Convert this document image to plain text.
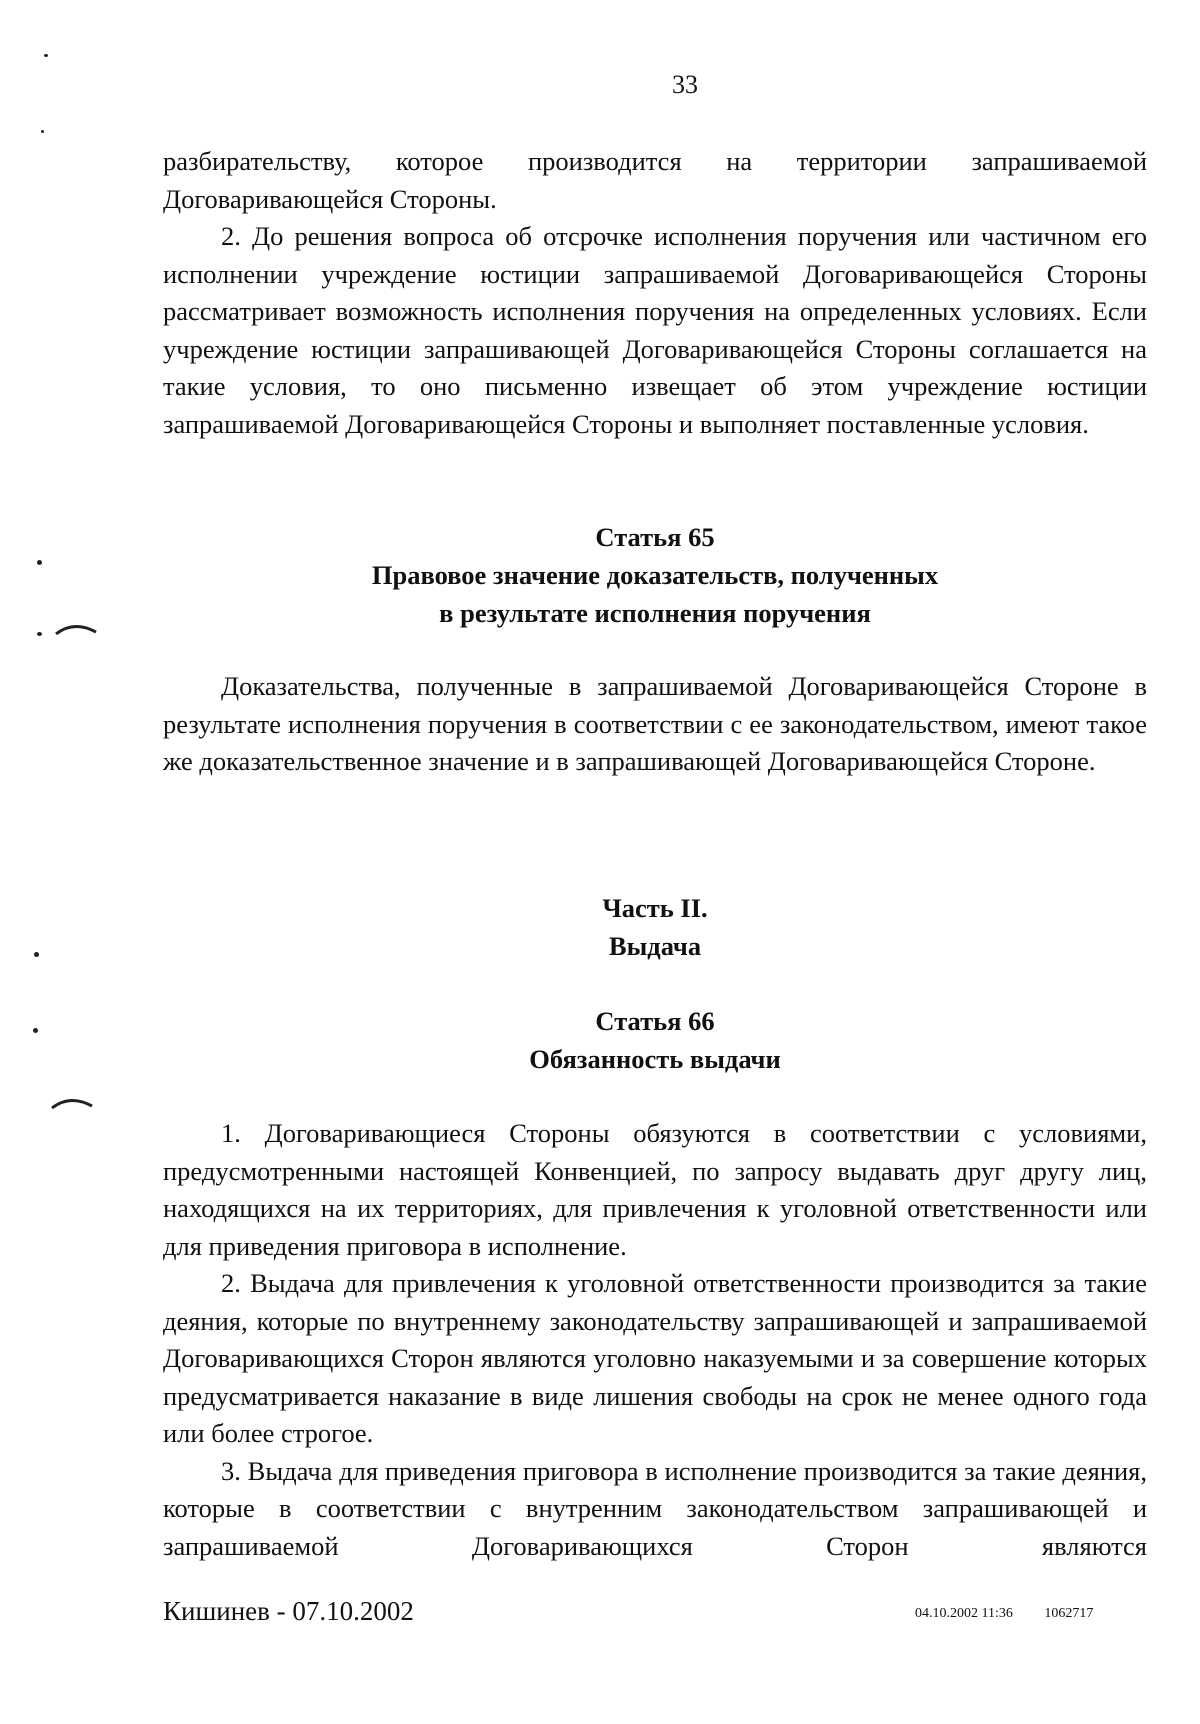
33

разбирательству, которое производится на территории запрашиваемой Договаривающейся Стороны.

2. До решения вопроса об отсрочке исполнения поручения или частичном его исполнении учреждение юстиции запрашиваемой Договаривающейся Стороны рассматривает возможность исполнения поручения на определенных условиях. Если учреждение юстиции запрашивающей Договаривающейся Стороны соглашается на такие условия, то оно письменно извещает об этом учреждение юстиции запрашиваемой Договаривающейся Стороны и выполняет поставленные условия.

Статья 65
Правовое значение доказательств, полученных
в результате исполнения поручения

Доказательства, полученные в запрашиваемой Договаривающейся Стороне в результате исполнения поручения в соответствии с ее законодательством, имеют такое же доказательственное значение и в запрашивающей Договаривающейся Стороне.

Часть II.
Выдача
Статья 66
Обязанность выдачи

1. Договаривающиеся Стороны обязуются в соответствии с условиями, предусмотренными настоящей Конвенцией, по запросу выдавать друг другу лиц, находящихся на их территориях, для привлечения к уголовной ответственности или для приведения приговора в исполнение.

2. Выдача для привлечения к уголовной ответственности производится за такие деяния, которые по внутреннему законодательству запрашивающей и запрашиваемой Договаривающихся Сторон являются уголовно наказуемыми и за совершение которых предусматривается наказание в виде лишения свободы на срок не менее одного года или более строгое.

3. Выдача для приведения приговора в исполнение производится за такие деяния, которые в соответствии с внутренним законодательством запрашивающей и запрашиваемой Договаривающихся Сторон являются

Кишинев - 07.10.2002	04.10.2002 11:36 1062717
